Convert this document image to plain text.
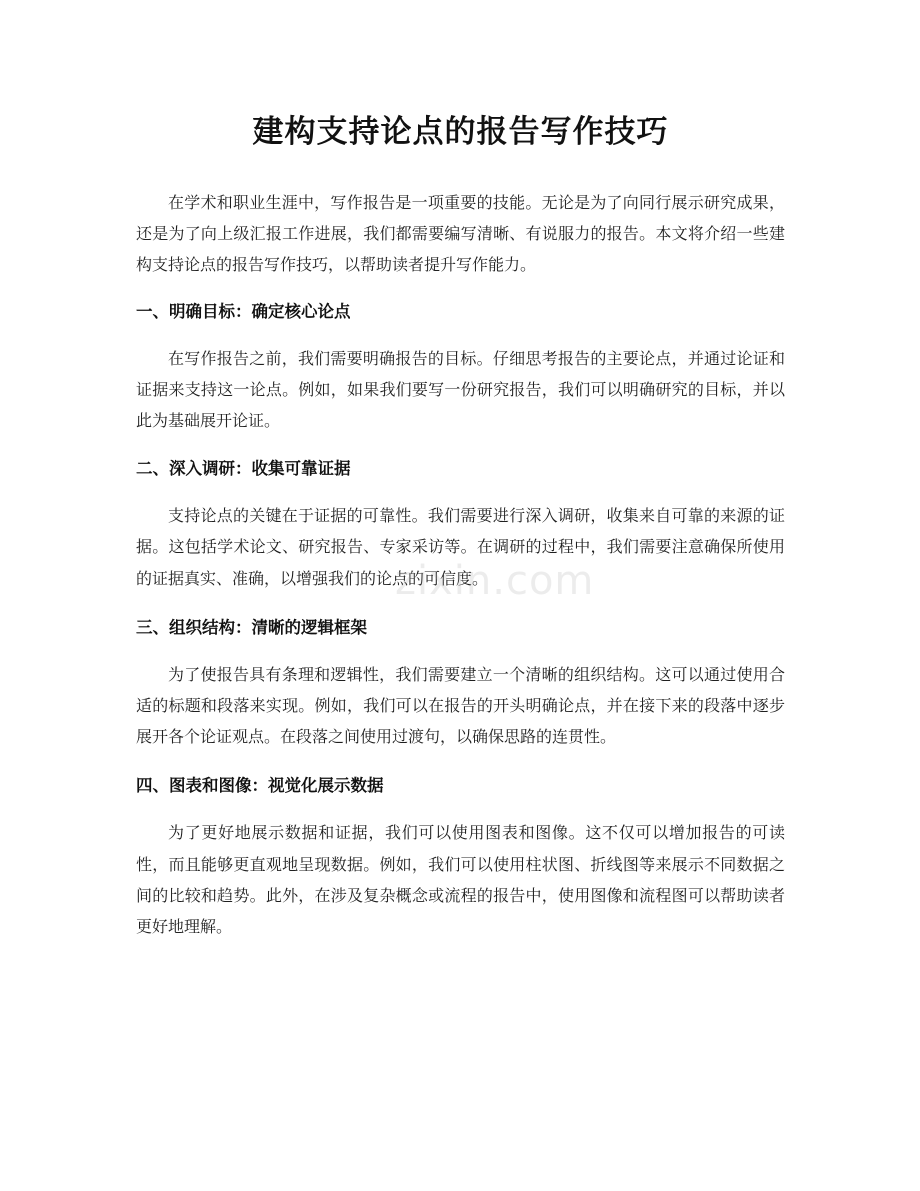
建构支持论点的报告写作技巧

在学术和职业生涯中，写作报告是一项重要的技能。无论是为了向同行展示研究成果，还是为了向上级汇报工作进展，我们都需要编写清晰、有说服力的报告。本文将介绍一些建构支持论点的报告写作技巧，以帮助读者提升写作能力。

一、明确目标：确定核心论点

在写作报告之前，我们需要明确报告的目标。仔细思考报告的主要论点，并通过论证和证据来支持这一论点。例如，如果我们要写一份研究报告，我们可以明确研究的目标，并以此为基础展开论证。

二、深入调研：收集可靠证据

支持论点的关键在于证据的可靠性。我们需要进行深入调研，收集来自可靠的来源的证据。这包括学术论文、研究报告、专家采访等。在调研的过程中，我们需要注意确保所使用的证据真实、准确，以增强我们的论点的可信度。

三、组织结构：清晰的逻辑框架

为了使报告具有条理和逻辑性，我们需要建立一个清晰的组织结构。这可以通过使用合适的标题和段落来实现。例如，我们可以在报告的开头明确论点，并在接下来的段落中逐步展开各个论证观点。在段落之间使用过渡句，以确保思路的连贯性。

四、图表和图像：视觉化展示数据

为了更好地展示数据和证据，我们可以使用图表和图像。这不仅可以增加报告的可读性，而且能够更直观地呈现数据。例如，我们可以使用柱状图、折线图等来展示不同数据之间的比较和趋势。此外，在涉及复杂概念或流程的报告中，使用图像和流程图可以帮助读者更好地理解。

zixin.com
